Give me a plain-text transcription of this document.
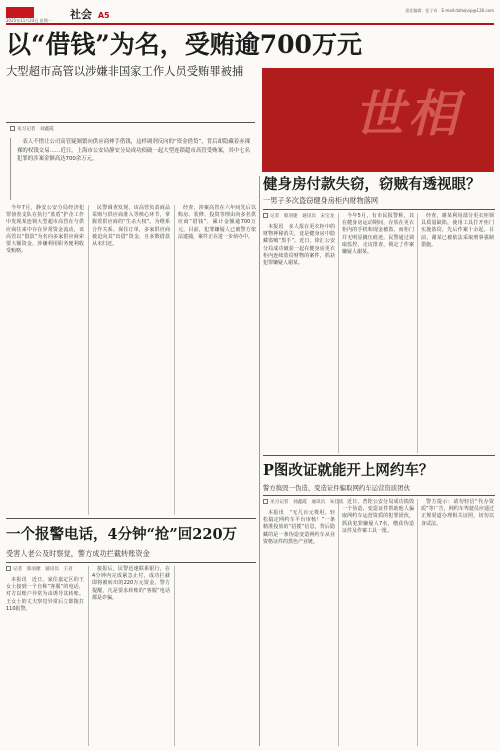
2025年11月24日 星期一 社会 A5
责任编辑：佳子奇 E-mail:dahejvip@126.com
以“借钱”为名，受贿逾700万元
大型超市高管以涉嫌非国家工作人员受贿罪被捕
世相
见习记者　刘鑫霞
表人不惜让公司高管疑频繁向供应商伸手借钱，这样调剂反向的“资金借贷”，背后却隐藏着赤裸裸的权钱交易……近日，上海市公安局静安分局成功侦破一起大型连锁超市高管受贿案，其中七名犯罪的涉案金额高达700余万元。

今年7月，静安公安分局经济犯罪侦查支队在执行“蓝盾”护企工作中发现某连锁大型超市高管在与供应商往来中存在异常资金流动，该高管以“借款”为名向多家供应商索要大额资金，涉嫌利用职务便利收受贿赂。

民警调查发现，该高管负责商品采购与供应商准入等核心环节，掌握着供应商的“生杀大权”。为维系合作关系、保住订单，多家供应商被迫向其“出借”资金，且多数借款从未归还。

经查，涉案高管在六年间先后以购房、装修、投资等理由向多名供应商“借钱”，累计金额逾700万元。目前，犯罪嫌疑人已被警方依法逮捕，案件正在进一步侦办中。

健身房付款失窃，窃贼有透视眼？
一男子多次盗窃健身房柜内财物落网
记者　蔡羽捷　通讯员　宋宝龙

本报讯　多人报在更衣柜中的财物神秘消失，竟是健身房中隐藏盗贼“黑手”。近日，徐汇公安分局成功破获一起在健身房更衣柜内连续盗窃财物的案件，抓获犯罪嫌疑人谢某。

今年5月，有市民报警称，其在健身房运动期间，存放在更衣柜内的手机和现金被盗，而柜门并无明显撬压痕迹。民警通过调取监控、走访排查，锁定了作案嫌疑人谢某。

经查，谢某利用部分更衣柜锁具质量缺陷，使用工具打开柜门实施盗窃，先后作案十余起。目前，谢某已被依法采取刑事强制措施。

P图改证就能开上网约车？
警方捣毁一伪造、变造证件骗取网约车运营资质团伙
见习记者　刘鑫霞　通讯员　朱佳依

本报讯　“无几百元费用，轻松搞定网约车平台审核！”一条精准投放的“招揽”信息，背后隐藏的是一条伪造变造网约车从业资格证件的黑色产业链。

近日，普陀公安分局成功捣毁一个伪造、变造证件帮助他人骗取网约车运营资质的犯罪团伙，抓获犯罪嫌疑人7名，缴获伪造证件及作案工具一批。

警方提示：请勿轻信“代办资质”等广告，网约车驾驶员应通过正规渠道办理相关证照，切勿以身试法。

一个报警电话，4分钟“抢”回220万
受害人老公及时察觉，警方成功拦截转账资金
记者　蔡羽捷　通讯员　王君

本报讯　近日，家住嘉定区的王女士接到一个自称“客服”的电话，对方以账户异常为由诱导其转账。王女士的丈夫察觉异常后立即拨打110报警。

接报后，民警迅速联系银行，在4分钟内完成紧急止付，成功拦截即将被转出的220万元资金。警方提醒，凡是要求转账的“客服”电话都是诈骗。
